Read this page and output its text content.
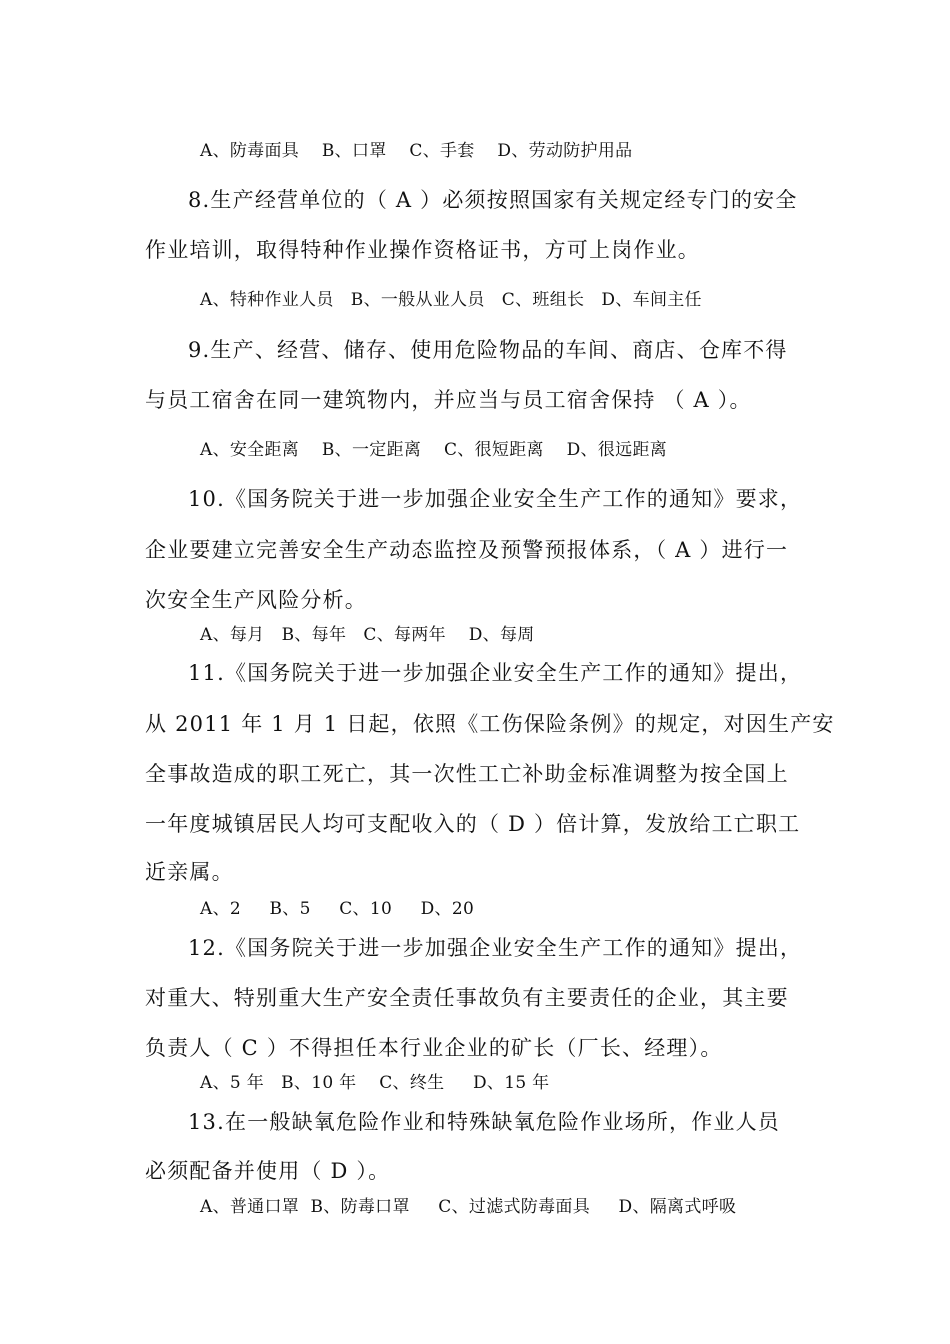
A、防毒面具    B、口罩    C、手套    D、劳动防护用品
8.生产经营单位的（ A ）必须按照国家有关规定经专门的安全
作业培训，取得特种作业操作资格证书，方可上岗作业。
A、特种作业人员   B、一般从业人员   C、班组长   D、车间主任
9.生产、经营、储存、使用危险物品的车间、商店、仓库不得
与员工宿舍在同一建筑物内，并应当与员工宿舍保持 （ A ）。
A、安全距离    B、一定距离    C、很短距离    D、很远距离
10.《国务院关于进一步加强企业安全生产工作的通知》要求，
企业要建立完善安全生产动态监控及预警预报体系，（ A ）进行一
次安全生产风险分析。
A、每月   B、每年   C、每两年    D、每周
11.《国务院关于进一步加强企业安全生产工作的通知》提出，
从 2011 年 1 月 1 日起，依照《工伤保险条例》的规定，对因生产安
全事故造成的职工死亡，其一次性工亡补助金标准调整为按全国上
一年度城镇居民人均可支配收入的（ D ）倍计算，发放给工亡职工
近亲属。
A、2     B、5     C、10     D、20
12.《国务院关于进一步加强企业安全生产工作的通知》提出，
对重大、特别重大生产安全责任事故负有主要责任的企业，其主要
负责人（ C ）不得担任本行业企业的矿长（厂长、经理）。
A、5 年   B、10 年    C、终生     D、15 年
13.在一般缺氧危险作业和特殊缺氧危险作业场所，作业人员
必须配备并使用（ D ）。
A、普通口罩  B、防毒口罩     C、过滤式防毒面具     D、隔离式呼吸
